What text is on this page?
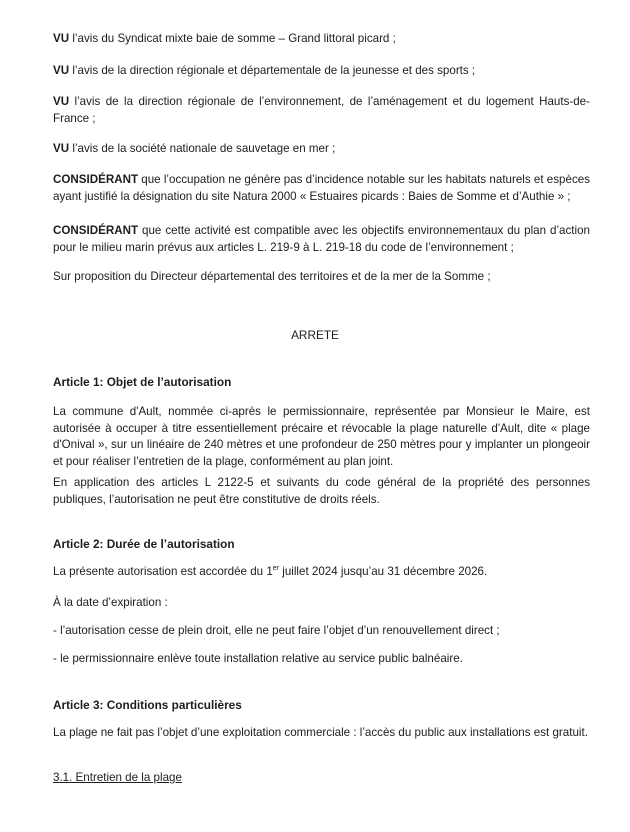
VU l’avis du Syndicat mixte baie de somme – Grand littoral picard ;

VU l’avis de la direction régionale et départementale de la jeunesse et des sports ;

VU l’avis de la direction régionale de l’environnement, de l’aménagement et du logement Hauts-de-France ;

VU l’avis de la société nationale de sauvetage en mer ;

CONSIDÉRANT que l’occupation ne génère pas d’incidence notable sur les habitats naturels et espèces ayant justifié la désignation du site Natura 2000 « Estuaires picards : Baies de Somme et d’Authie » ;

CONSIDÉRANT que cette activité est compatible avec les objectifs environnementaux du plan d’action pour le milieu marin prévus aux articles L. 219-9 à L. 219-18 du code de l’environnement ;

Sur proposition du Directeur départemental des territoires et de la mer de la Somme ;

ARRETE

Article 1: Objet de l’autorisation

La commune d'Ault, nommée ci-après le permissionnaire, représentée par Monsieur le Maire, est autorisée à occuper à titre essentiellement précaire et révocable la plage naturelle d'Ault, dite « plage d'Onival », sur un linéaire de 240 mètres et une profondeur de 250 mètres pour y implanter un plongeoir et pour réaliser l’entretien de la plage, conformément au plan joint.

En application des articles L 2122-5 et suivants du code général de la propriété des personnes publiques, l’autorisation ne peut être constitutive de droits réels.

Article 2: Durée de l’autorisation

La présente autorisation est accordée du 1er juillet 2024 jusqu’au 31 décembre 2026.

À la date d’expiration :

- l’autorisation cesse de plein droit, elle ne peut faire l’objet d’un renouvellement direct ;

- le permissionnaire enlève toute installation relative au service public balnéaire.

Article 3: Conditions particulières

La plage ne fait pas l’objet d’une exploitation commerciale : l’accès du public aux installations est gratuit.

3.1. Entretien de la plage
